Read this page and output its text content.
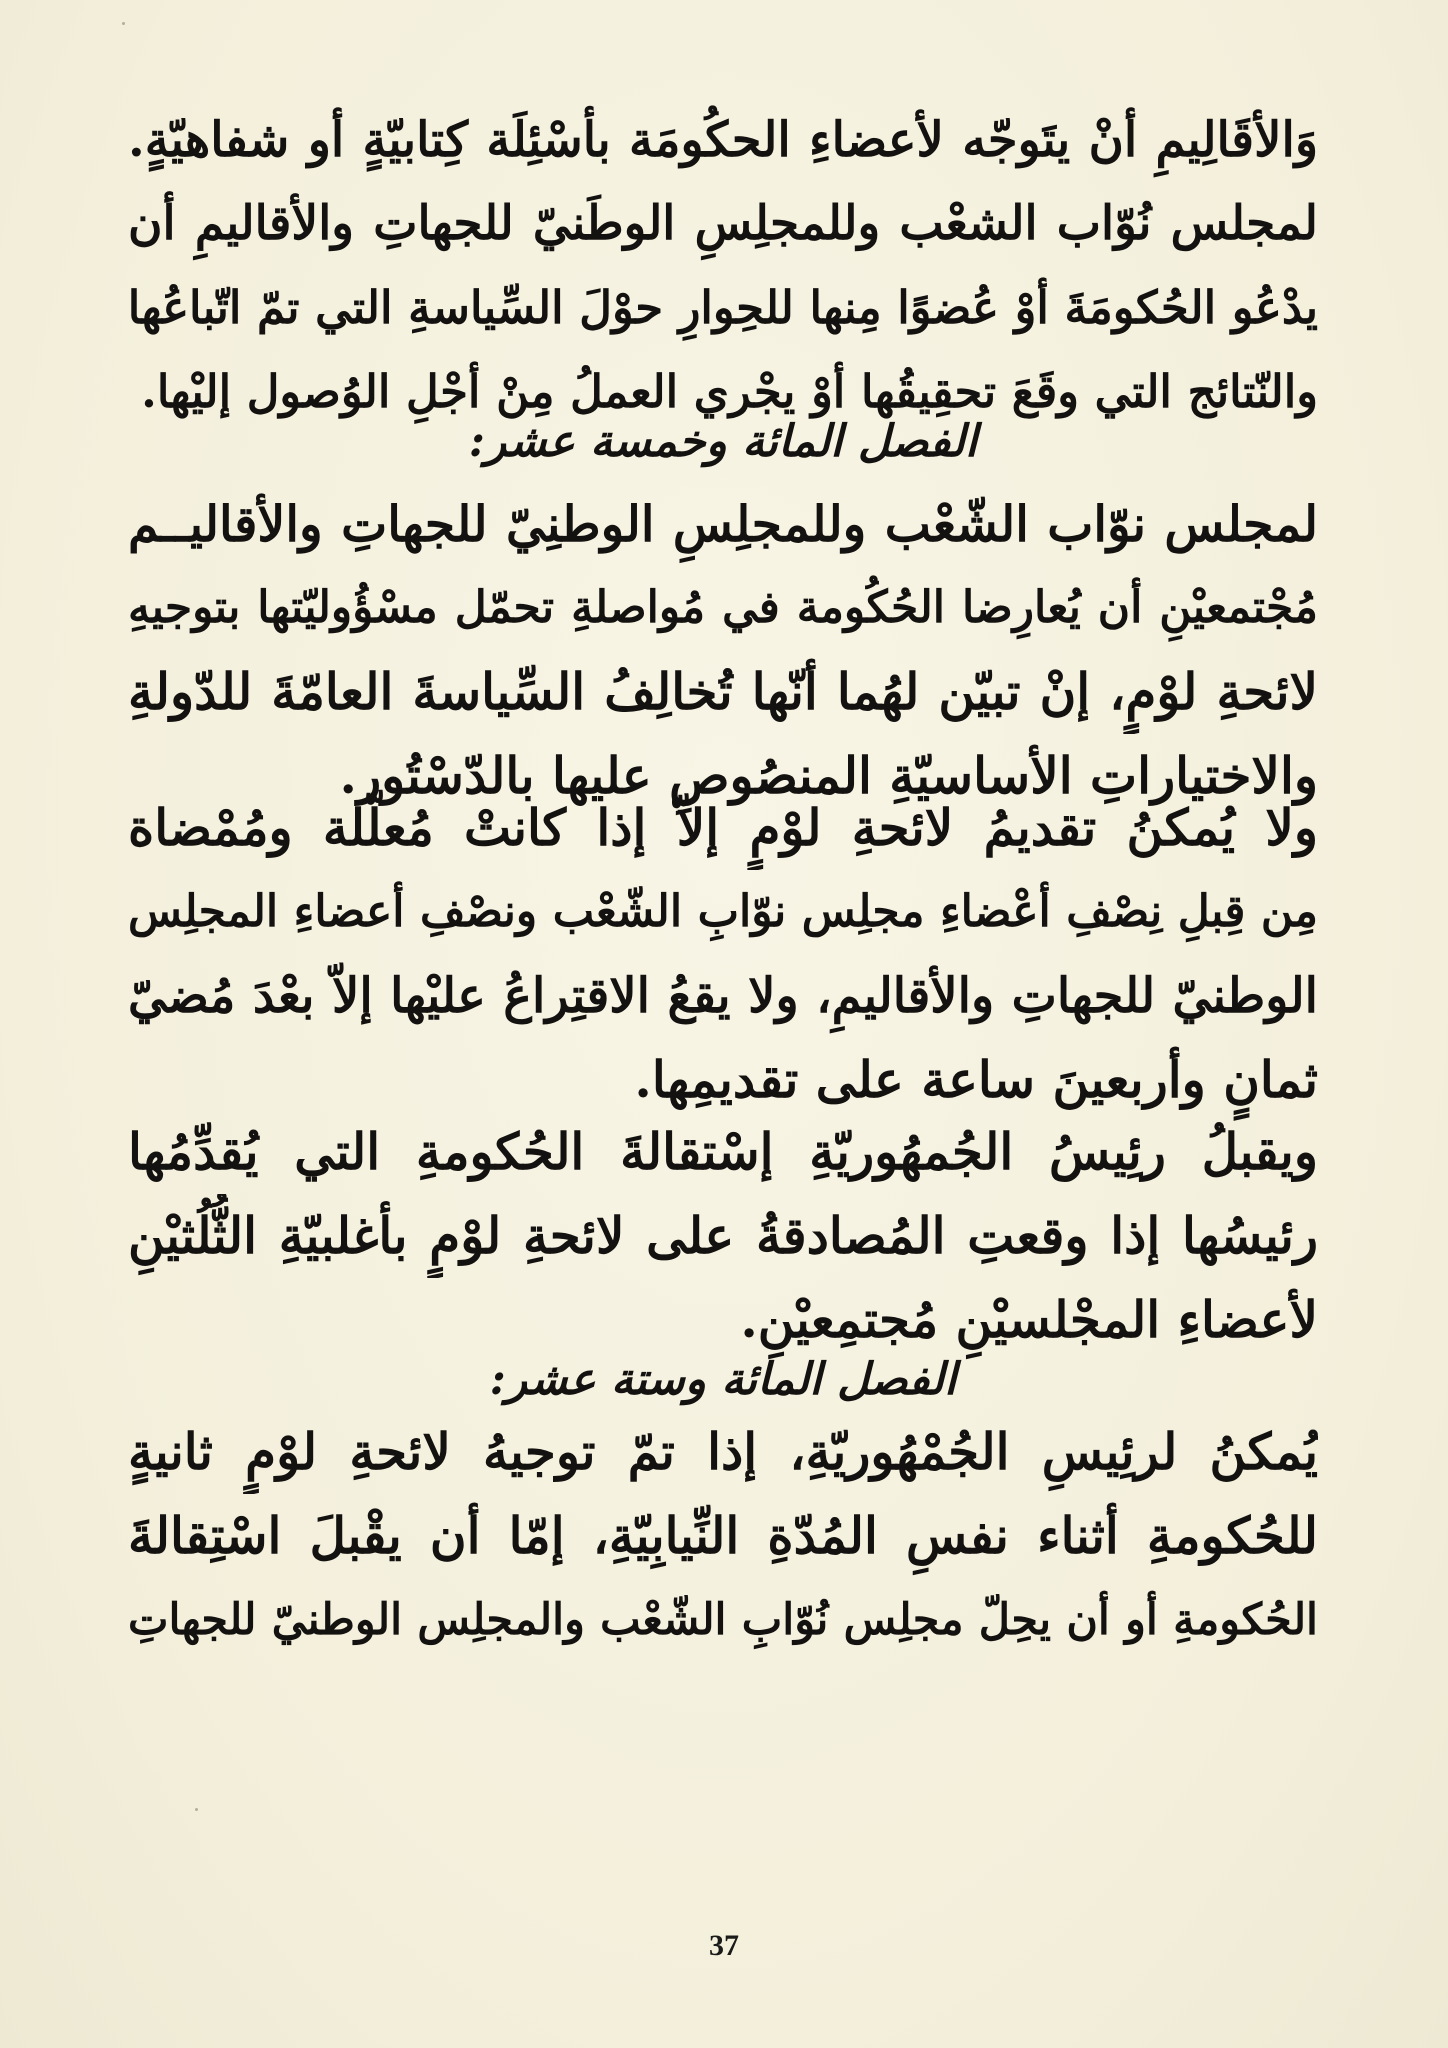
وَالأقَالِيمِ أنْ يتَوجّه لأعضاءِ الحكُومَة بأسْئِلَة كِتابيّةٍ أو شفاهيّةٍ.
لمجلس نُوّاب الشعْب وللمجلِسِ الوطَنيّ للجهاتِ والأقاليمِ أن
يدْعُو الحُكومَةَ أوْ عُضوًا مِنها للحِوارِ حوْلَ السِّياسةِ التي تمّ اتّباعُها
والنّتائج التي وقَعَ تحقِيقُها أوْ يجْري العملُ مِنْ أجْلِ الوُصول إليْها.
الفصل المائة وخمسة عشر:
لمجلس نوّاب الشّعْب وللمجلِسِ الوطنِيّ للجهاتِ والأقاليــم
مُجْتمعيْنِ أن يُعارِضا الحُكُومة في مُواصلةِ تحمّل مسْؤُوليّتها بتوجيهِ
لائحةِ لوْمٍ، إنْ تبيّن لهُما أنّها تُخالِفُ السِّياسةَ العامّةَ للدّولةِ
والاختياراتِ الأساسيّةِ المنصُوصِ عليها بالدّسْتُور.
ولا يُمكنُ تقديمُ لائحةِ لوْمٍ إلاّ إذا كانتْ مُعلّلة ومُمْضاة
مِن قِبلِ نِصْفِ أعْضاءِ مجلِس نوّابِ الشّعْب ونصْفِ أعضاءِ المجلِس
الوطنيّ للجهاتِ والأقاليمِ، ولا يقعُ الاقتِراعُ عليْها إلاّ بعْدَ مُضيّ
ثمانٍ وأربعينَ ساعة على تقديمِها.
ويقبلُ رئِيسُ الجُمهُوريّةِ إسْتقالةَ الحُكومةِ التي يُقدِّمُها
رئيسُها إذا وقعتِ المُصادقةُ على لائحةِ لوْمٍ بأغلبيّةِ الثُّلُثيْنِ
لأعضاءِ المجْلسيْنِ مُجتمِعيْنِ.
الفصل المائة وستة عشر:
يُمكنُ لرئِيسِ الجُمْهُوريّةِ، إذا تمّ توجيهُ لائحةِ لوْمٍ ثانيةٍ
للحُكومةِ أثناء نفسِ المُدّةِ النِّيابِيّةِ، إمّا أن يقْبلَ اسْتِقالةَ
الحُكومةِ أو أن يحِلّ مجلِس نُوّابِ الشّعْب والمجلِس الوطنيّ للجهاتِ
37
